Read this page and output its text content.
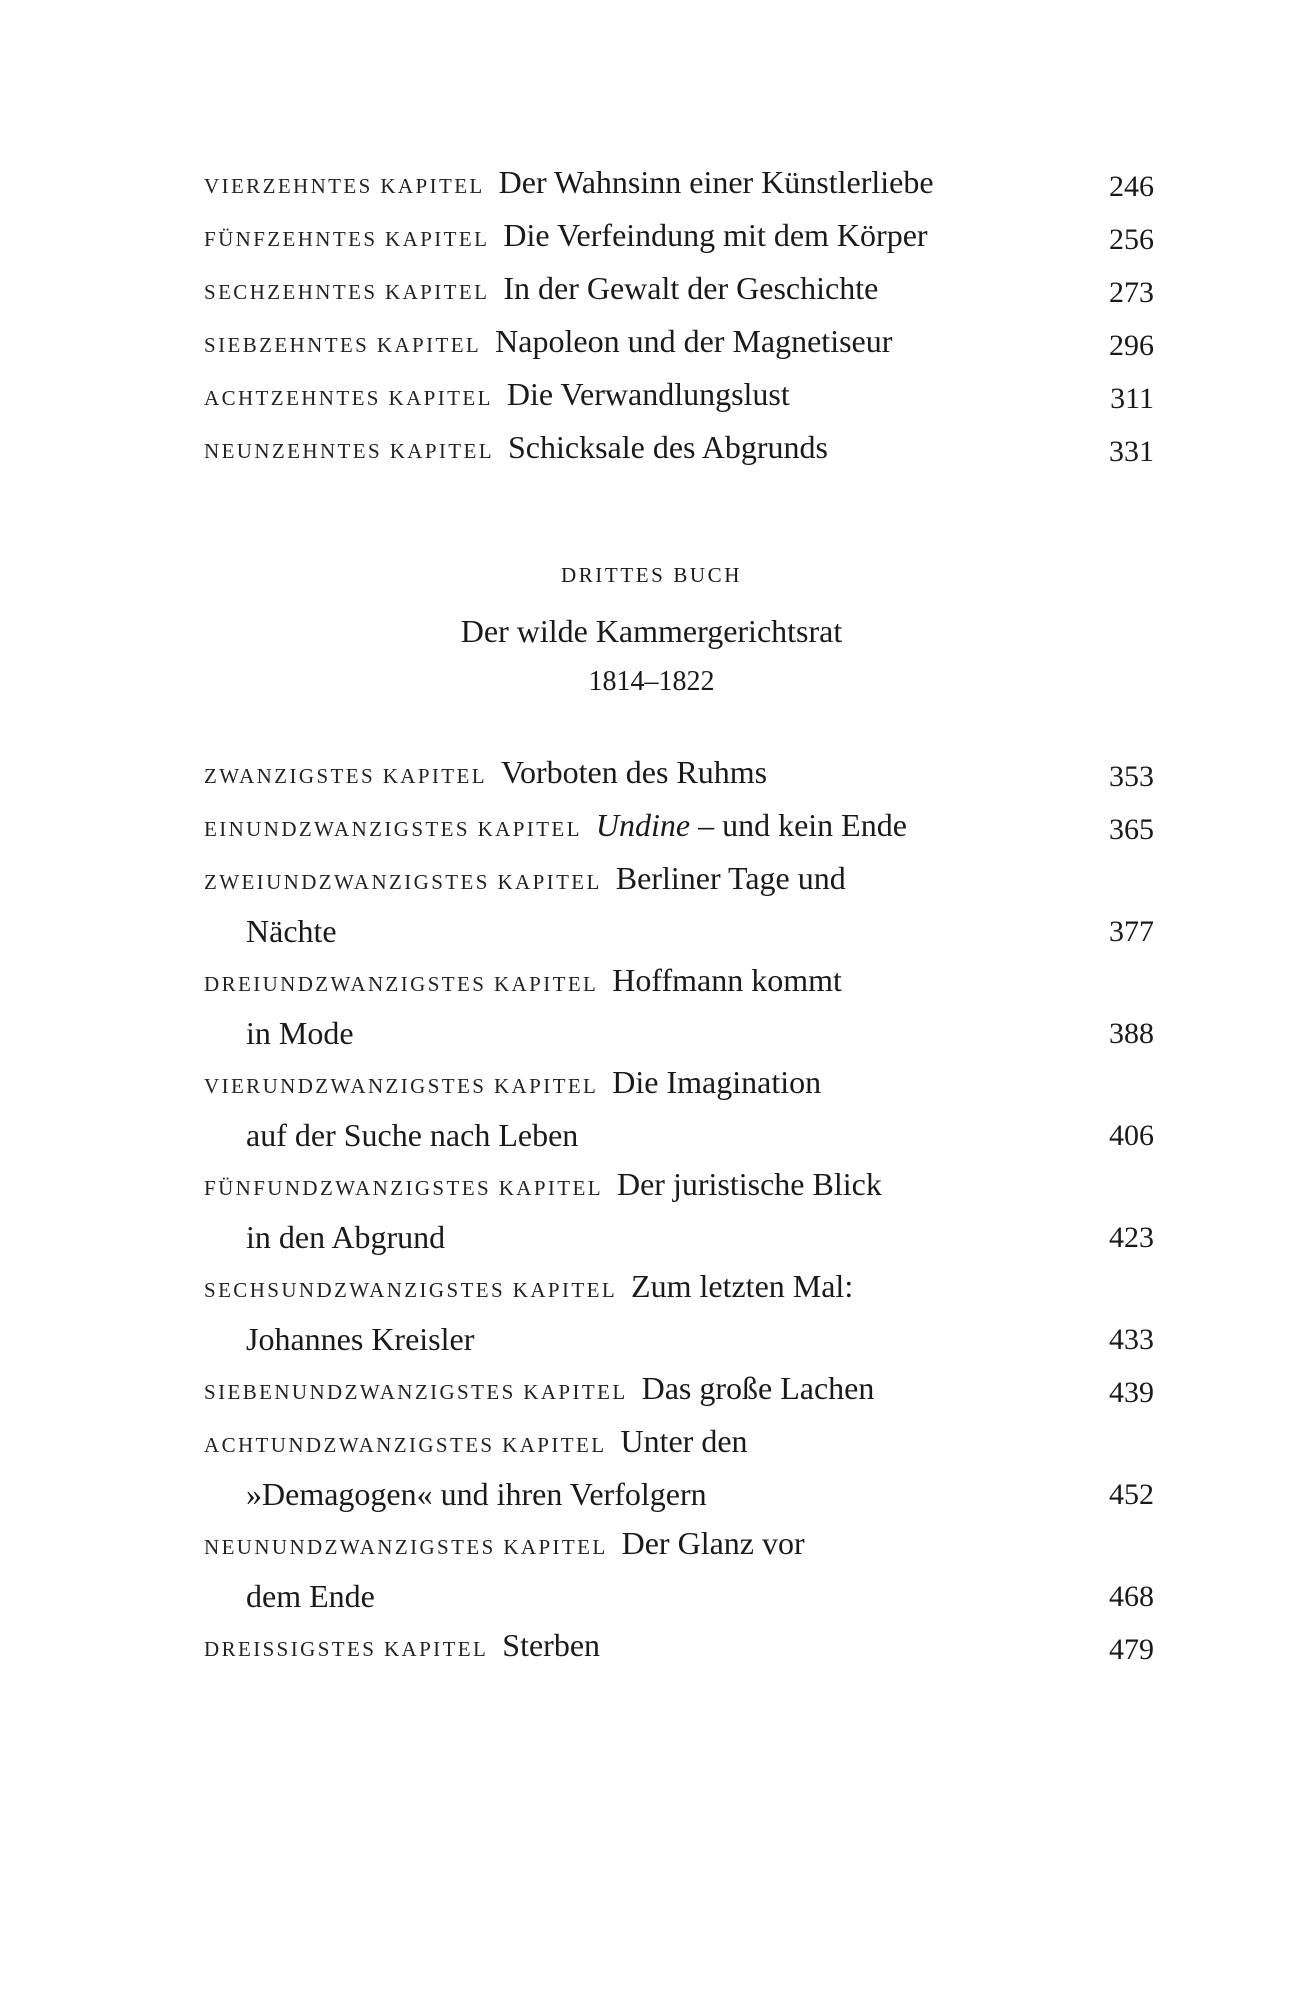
VIERZEHNTES KAPITEL Der Wahnsinn einer Künstlerliebe	246
FÜNFZEHNTES KAPITEL Die Verfeindung mit dem Körper	256
SECHZEHNTES KAPITEL In der Gewalt der Geschichte	273
SIEBZEHNTES KAPITEL Napoleon und der Magnetiseur	296
ACHTZEHNTES KAPITEL Die Verwandlungslust	311
NEUNZEHNTES KAPITEL Schicksale des Abgrunds	331
DRITTES BUCH
Der wilde Kammergerichtsrat
1814–1822
ZWANZIGSTES KAPITEL Vorboten des Ruhms	353
EINUNDZWANZIGSTES KAPITEL Undine – und kein Ende	365
ZWEIUNDZWANZIGSTES KAPITEL Berliner Tage und
Nächte	377
DREIUNDZWANZIGSTES KAPITEL Hoffmann kommt
in Mode	388
VIERUNDZWANZIGSTES KAPITEL Die Imagination
auf der Suche nach Leben	406
FÜNFUNDZWANZIGSTES KAPITEL Der juristische Blick
in den Abgrund	423
SECHSUNDZWANZIGSTES KAPITEL Zum letzten Mal:
Johannes Kreisler	433
SIEBENUNDZWANZIGSTES KAPITEL Das große Lachen	439
ACHTUNDZWANZIGSTES KAPITEL Unter den
»Demagogen« und ihren Verfolgern	452
NEUNUNDZWANZIGSTES KAPITEL Der Glanz vor
dem Ende	468
DREISSIGSTES KAPITEL Sterben	479
